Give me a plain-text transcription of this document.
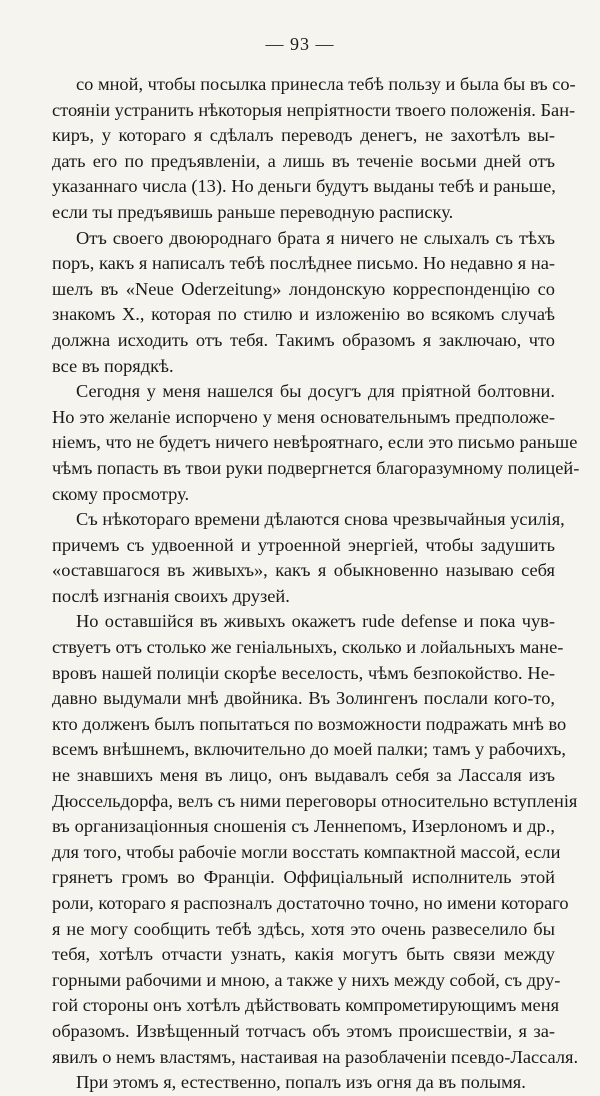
— 93 —
со мной, чтобы посылка принесла тебѣ пользу и была бы въ со-
стояніи устранить нѣкоторыя непріятности твоего положенія. Бан-
киръ, у котораго я сдѣлалъ переводъ денегъ, не захотѣлъ вы-
дать его по предъявленіи, а лишь въ теченіе восьми дней отъ
указаннаго числа (13). Но деньги будутъ выданы тебѣ и раньше,
если ты предъявишь раньше переводную расписку.
Отъ своего двоюроднаго брата я ничего не слыхалъ съ тѣхъ
поръ, какъ я написалъ тебѣ послѣднее письмо. Но недавно я на-
шелъ въ «Neue Oderzeitung» лондонскую корреспонденцію со
знакомъ X., которая по стилю и изложенію во всякомъ случаѣ
должна исходить отъ тебя. Такимъ образомъ я заключаю, что
все въ порядкѣ.
Сегодня у меня нашелся бы досугъ для пріятной болтовни.
Но это желаніе испорчено у меня основательнымъ предположе-
ніемъ, что не будетъ ничего невѣроятнаго, если это письмо раньше
чѣмъ попасть въ твои руки подвергнется благоразумному полицей-
скому просмотру.
Съ нѣкотораго времени дѣлаются снова чрезвычайныя усилія,
причемъ съ удвоенной и утроенной энергіей, чтобы задушить
«оставшагося въ живыхъ», какъ я обыкновенно называю себя
послѣ изгнанія своихъ друзей.
Но оставшійся въ живыхъ окажетъ rude defense и пока чув-
ствуетъ отъ столько же геніальныхъ, сколько и лойальныхъ мане-
вровъ нашей полиціи скорѣе веселость, чѣмъ безпокойство. Не-
давно выдумали мнѣ двойника. Въ Золингенъ послали кого-то,
кто долженъ былъ попытаться по возможности подражать мнѣ во
всемъ внѣшнемъ, включительно до моей палки; тамъ у рабочихъ,
не знавшихъ меня въ лицо, онъ выдавалъ себя за Лассаля изъ
Дюссельдорфа, велъ съ ними переговоры относительно вступленія
въ организаціонныя сношенія съ Леннепомъ, Изерлономъ и др.,
для того, чтобы рабочіе могли восстать компактной массой, если
грянетъ громъ во Франціи. Оффиціальный исполнитель этой
роли, котораго я распозналъ достаточно точно, но имени котораго
я не могу сообщить тебѣ здѣсь, хотя это очень развеселило бы
тебя, хотѣлъ отчасти узнать, какія могутъ быть связи между
горными рабочими и мною, а также у нихъ между собой, съ дру-
гой стороны онъ хотѣлъ дѣйствовать компрометирующимъ меня
образомъ. Извѣщенный тотчасъ объ этомъ происшествіи, я за-
явилъ о немъ властямъ, настаивая на разоблаченіи псевдо-Лассаля.
При этомъ я, естественно, попалъ изъ огня да въ полымя.
